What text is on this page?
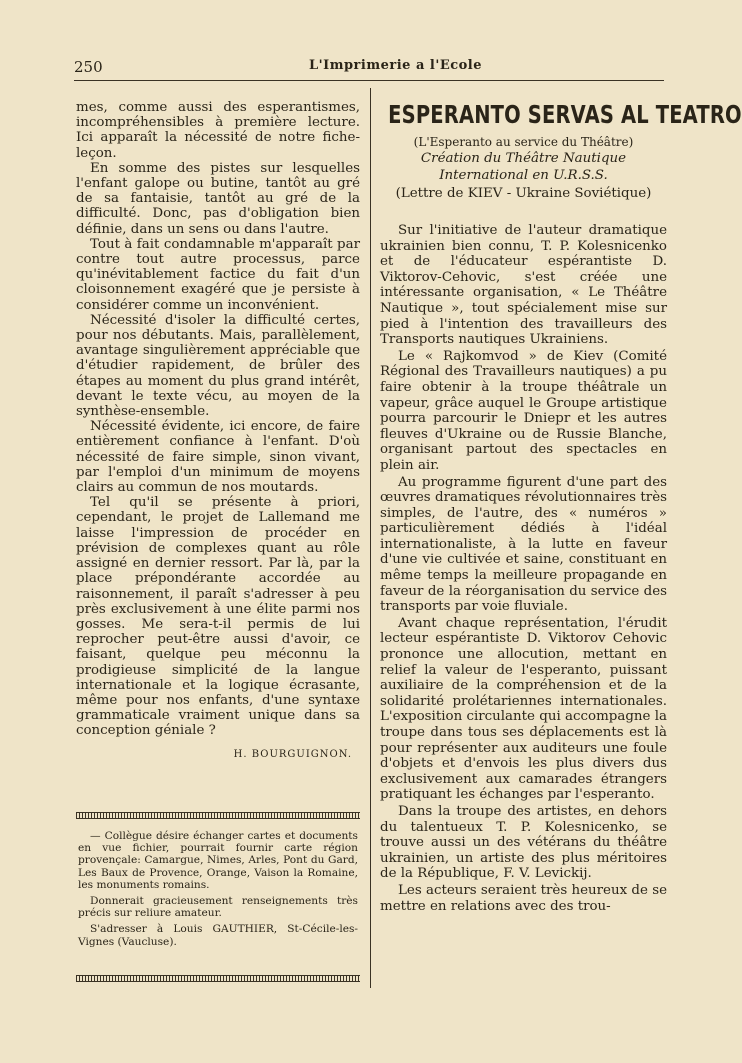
250	L'Imprimerie a l'Ecole

mes, comme aussi des esperantismes, incompréhensibles à première lecture. Ici apparaît la nécessité de notre fiche-leçon.

En somme des pistes sur lesquelles l'enfant galope ou butine, tantôt au gré de sa fantaisie, tantôt au gré de la difficulté. Donc, pas d'obligation bien définie, dans un sens ou dans l'autre.

Tout à fait condamnable m'apparaît par contre tout autre processus, parce qu'inévitablement factice du fait d'un cloisonnement exagéré que je persiste à considérer comme un inconvénient.

Nécessité d'isoler la difficulté certes, pour nos débutants. Mais, parallèlement, avantage singulièrement appréciable que d'étudier rapidement, de brûler des étapes au moment du plus grand intérêt, devant le texte vécu, au moyen de la synthèse-ensemble.

Nécessité évidente, ici encore, de faire entièrement confiance à l'enfant. D'où nécessité de faire simple, sinon vivant, par l'emploi d'un minimum de moyens clairs au commun de nos moutards.

Tel qu'il se présente à priori, cependant, le projet de Lallemand me laisse l'impression de procéder en prévision de complexes quant au rôle assigné en dernier ressort. Par là, par la place prépondérante accordée au raisonnement, il paraît s'adresser à peu près exclusivement à une élite parmi nos gosses. Me sera-t-il permis de lui reprocher peut-être aussi d'avoir, ce faisant, quelque peu méconnu la prodigieuse simplicité de la langue internationale et la logique écrasante, même pour nos enfants, d'une syntaxe grammaticale vraiment unique dans sa conception géniale ?

H. BOURGUIGNON.

— Collègue désire échanger cartes et documents en vue fichier, pourrait fournir carte région provençale: Camargue, Nimes, Arles, Pont du Gard, Les Baux de Provence, Orange, Vaison la Romaine, les monuments romains.

Donnerait gracieusement renseignements très précis sur reliure amateur.

S'adresser à Louis GAUTHIER, St-Cécile-les-Vignes (Vaucluse).

ESPERANTO SERVAS AL TEATRO
(L'Esperanto au service du Théâtre)
Création du Théâtre Nautique
International en U.R.S.S.
(Lettre de KIEV - Ukraine Soviétique)

Sur l'initiative de l'auteur dramatique ukrainien bien connu, T. P. Kolesnicenko et de l'éducateur espérantiste D. Viktorov-Cehovic, s'est créée une intéressante organisation, « Le Théâtre Nautique », tout spécialement mise sur pied à l'intention des travailleurs des Transports nautiques Ukrainiens.

Le « Rajkomvod » de Kiev (Comité Régional des Travailleurs nautiques) a pu faire obtenir à la troupe théâtrale un vapeur, grâce auquel le Groupe artistique pourra parcourir le Dniepr et les autres fleuves d'Ukraine ou de Russie Blanche, organisant partout des spectacles en plein air.

Au programme figurent d'une part des œuvres dramatiques révolutionnaires très simples, de l'autre, des « numéros » particulièrement dédiés à l'idéal internationaliste, à la lutte en faveur d'une vie cultivée et saine, constituant en même temps la meilleure propagande en faveur de la réorganisation du service des transports par voie fluviale.

Avant chaque représentation, l'érudit lecteur espérantiste D. Viktorov Cehovic prononce une allocution, mettant en relief la valeur de l'esperanto, puissant auxiliaire de la compréhension et de la solidarité prolétariennes internationales. L'exposition circulante qui accompagne la troupe dans tous ses déplacements est là pour représenter aux auditeurs une foule d'objets et d'envois les plus divers dus exclusivement aux camarades étrangers pratiquant les échanges par l'esperanto.

Dans la troupe des artistes, en dehors du talentueux T. P. Kolesnicenko, se trouve aussi un des vétérans du théâtre ukrainien, un artiste des plus méritoires de la République, F. V. Levickij.

Les acteurs seraient très heureux de se mettre en relations avec des trou-
